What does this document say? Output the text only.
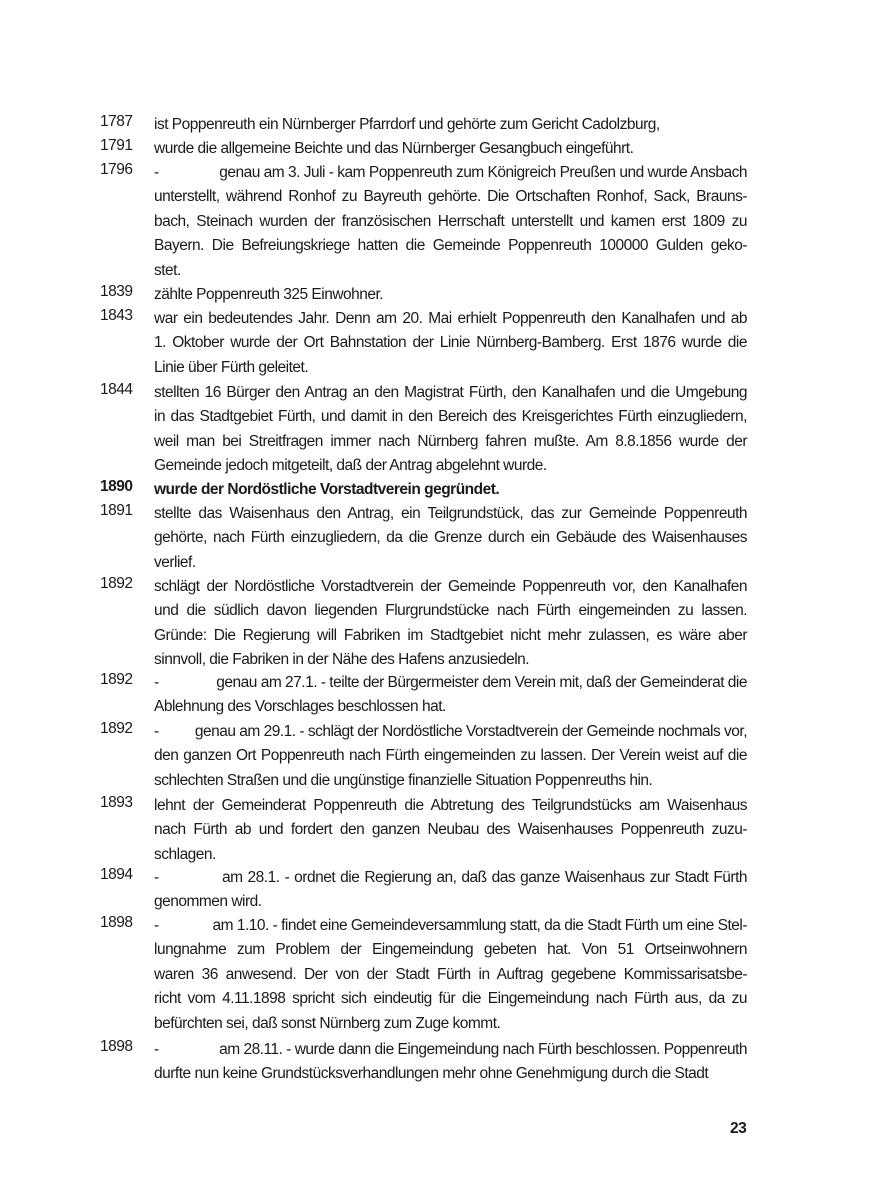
1787	ist Poppenreuth ein Nürnberger Pfarrdorf und gehörte zum Gericht Cadolzburg,
1791	wurde die allgemeine Beichte und das Nürnberger Gesangbuch eingeführt.
1796	-	genau am 3. Juli - kam Poppenreuth zum Königreich Preußen und wurde Ansbach
unterstellt, während Ronhof zu Bayreuth gehörte. Die Ortschaften Ronhof, Sack, Brauns-
bach, Steinach wurden der französischen Herrschaft unterstellt und kamen erst 1809 zu
Bayern. Die Befreiungskriege hatten die Gemeinde Poppenreuth 100000 Gulden geko-
stet.
1839	zählte Poppenreuth 325 Einwohner.
1843	war ein bedeutendes Jahr. Denn am 20. Mai erhielt Poppenreuth den Kanalhafen und ab
1. Oktober wurde der Ort Bahnstation der Linie Nürnberg-Bamberg. Erst 1876 wurde die
Linie über Fürth geleitet.
1844	stellten 16 Bürger den Antrag an den Magistrat Fürth, den Kanalhafen und die Umgebung
in das Stadtgebiet Fürth, und damit in den Bereich des Kreisgerichtes Fürth einzugliedern,
weil man bei Streitfragen immer nach Nürnberg fahren mußte. Am 8.8.1856 wurde der
Gemeinde jedoch mitgeteilt, daß der Antrag abgelehnt wurde.
1890	wurde der Nordöstliche Vorstadtverein gegründet.
1891	stellte das Waisenhaus den Antrag, ein Teilgrundstück, das zur Gemeinde Poppenreuth
gehörte, nach Fürth einzugliedern, da die Grenze durch ein Gebäude des Waisenhauses
verlief.
1892	schlägt der Nordöstliche Vorstadtverein der Gemeinde Poppenreuth vor, den Kanalhafen
und die südlich davon liegenden Flurgrundstücke nach Fürth eingemeinden zu lassen.
Gründe: Die Regierung will Fabriken im Stadtgebiet nicht mehr zulassen, es wäre aber
sinnvoll, die Fabriken in der Nähe des Hafens anzusiedeln.
1892	-	genau am 27.1. - teilte der Bürgermeister dem Verein mit, daß der Gemeinderat die
Ablehnung des Vorschlages beschlossen hat.
1892	-	genau am 29.1. - schlägt der Nordöstliche Vorstadtverein der Gemeinde nochmals vor,
den ganzen Ort Poppenreuth nach Fürth eingemeinden zu lassen. Der Verein weist auf die
schlechten Straßen und die ungünstige finanzielle Situation Poppenreuths hin.
1893	lehnt der Gemeinderat Poppenreuth die Abtretung des Teilgrundstücks am Waisenhaus
nach Fürth ab und fordert den ganzen Neubau des Waisenhauses Poppenreuth zuzu-
schlagen.
1894	-	am 28.1. - ordnet die Regierung an, daß das ganze Waisenhaus zur Stadt Fürth
genommen wird.
1898	-	am 1.10. - findet eine Gemeindeversammlung statt, da die Stadt Fürth um eine Stel-
lungnahme zum Problem der Eingemeindung gebeten hat. Von 51 Ortseinwohnern
waren 36 anwesend. Der von der Stadt Fürth in Auftrag gegebene Kommissarisatsbe-
richt vom 4.11.1898 spricht sich eindeutig für die Eingemeindung nach Fürth aus, da zu
befürchten sei, daß sonst Nürnberg zum Zuge kommt.
1898	-	am 28.11. - wurde dann die Eingemeindung nach Fürth beschlossen. Poppenreuth
durfte nun keine Grundstücksverhandlungen mehr ohne Genehmigung durch die Stadt
23
